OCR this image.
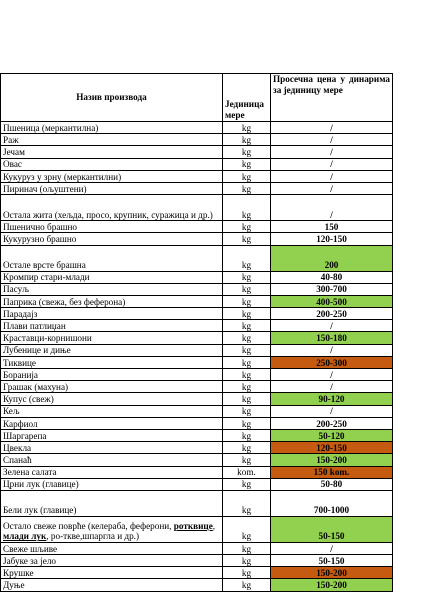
Назив производа	Јединица мере	Просечна цена у динарима за јединицу мере
Пшеница (меркантилна)	kg	/
Раж	kg	/
Јечам	kg	/
Овас	kg	/
Кукуруз у зрну (меркантилни)	kg	/
Пиринач (ољуштени)	kg	/
Остала жита (хељда, просо, крупник, суражица и др.)	kg	/
Пшенично брашно	kg	150
Кукурузно брашно	kg	120-150
Остале врсте брашна	kg	200
Кромпир стари-млади	kg	40-80
Пасуљ	kg	300-700
Паприка (свежа, без феферона)	kg	400-500
Парадајз	kg	200-250
Плави патлиџан	kg	/
Краставци-корнишони	kg	150-180
Лубенице и диње	kg	/
Тиквице	kg	250-300
Боранија	kg	/
Грашак (махуна)	kg	/
Купус (свеж)	kg	90-120
Кељ	kg	/
Карфиол	kg	200-250
Шаргарепа	kg	50-120
Цвекла	kg	120-150
Спанаћ	kg	150-200
Зелена салата	kom.	150 kom.
Црни лук (главице)	kg	50-80
Бели лук (главице)	kg	700-1000
Остало свеже поврће (келераба, феферони, ротквице, млади лук, ро-ткве,шпаргла и др.)	kg	50-150
Свеже шљиве	kg	/
Јабуке за јело	kg	50-150
Крушке	kg	150-200
Дуње	kg	150-200
